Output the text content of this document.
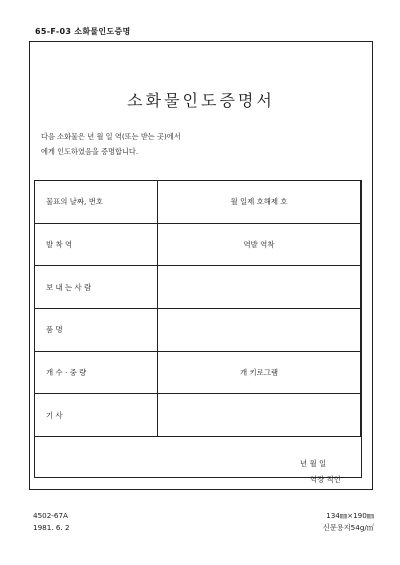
65-F-03 소화물인도증명
소화물인도증명서
다음 소화물은 년 월 일 역(또는 받는 곳)에서
에게 인도하였음을 증명합니다.
물표의 날짜, 번호	월 일제 호해제 호
발 착 역	역발 역착
보 내 는 사 람	
품 명	
개 수 · 중 량	개 키로그램
기 사	
년 월 일
역장 직인
4502-67A
1981. 6. 2
134㎜×190㎜
신문용지54g/㎡
